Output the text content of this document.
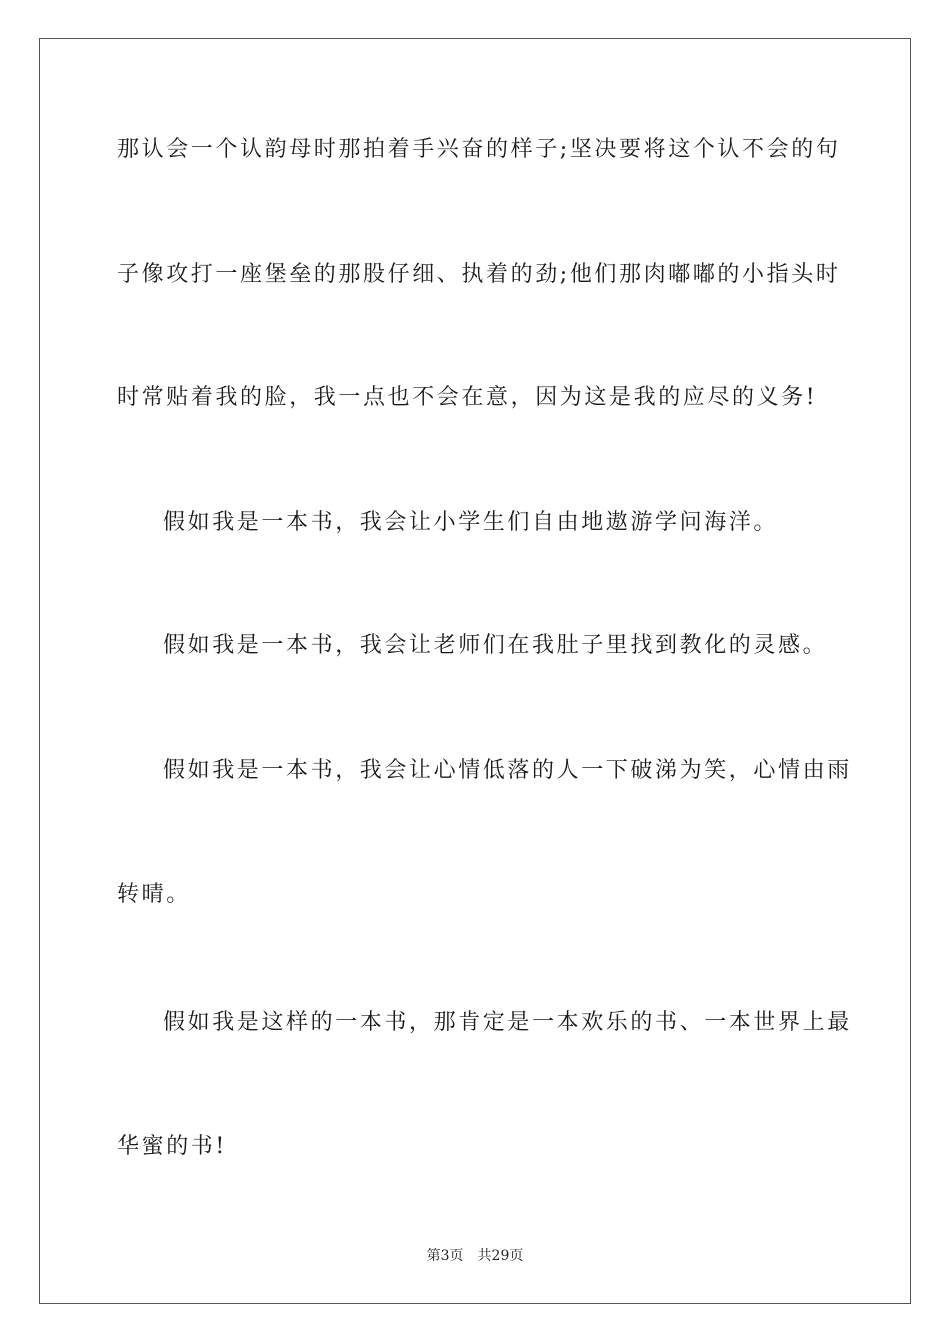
那认会一个认韵母时那拍着手兴奋的样子;坚决要将这个认不会的句
子像攻打一座堡垒的那股仔细、执着的劲;他们那肉嘟嘟的小指头时
时常贴着我的脸，我一点也不会在意，因为这是我的应尽的义务!
假如我是一本书，我会让小学生们自由地遨游学问海洋。
假如我是一本书，我会让老师们在我肚子里找到教化的灵感。
假如我是一本书，我会让心情低落的人一下破涕为笑，心情由雨
转晴。
假如我是这样的一本书，那肯定是一本欢乐的书、一本世界上最
华蜜的书!
第3页 共29页
